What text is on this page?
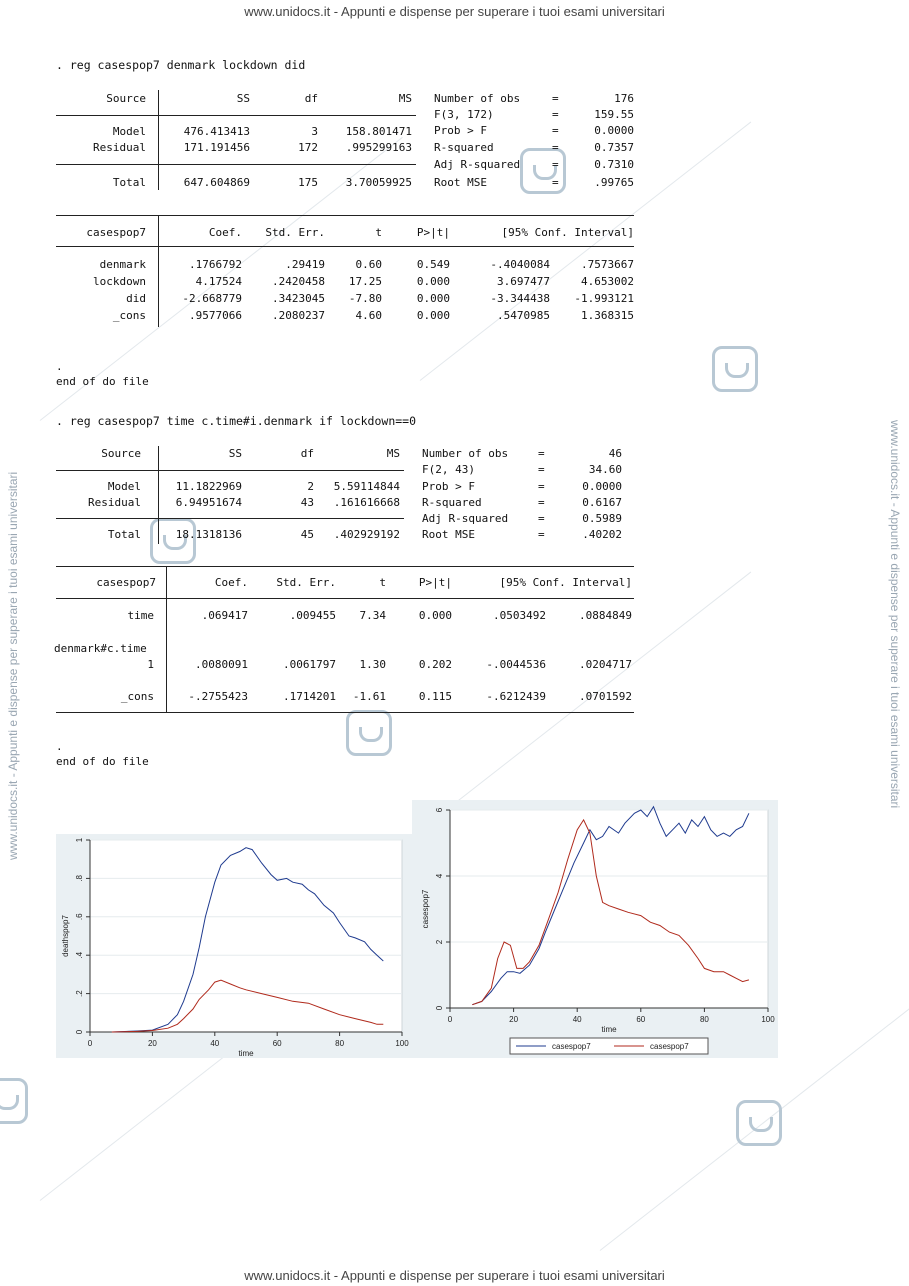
www.unidocs.it - Appunti e dispense per superare i tuoi esami universitari
www.unidocs.it - Appunti e dispense per superare i tuoi esami universitari
www.unidocs.it - Appunti e dispense per superare i tuoi esami universitari	www.unidocs.it - Appunti e dispense per superare i tuoi esami universitari
. reg casespop7 denmark lockdown did
Source	SS	df	MS
Model	476.413413	3	158.801471
Residual	171.191456	172	.995299163
Total	647.604869	175	3.70059925
Number of obs	=	176
F(3, 172)	=	159.55
Prob > F	=	0.0000
R-squared	=	0.7357
Adj R-squared	=	0.7310
Root MSE	=	.99765
casespop7	Coef.	Std. Err.	t	P>|t|	[95% Conf. Interval]
denmark	.1766792	.29419	0.60	0.549	-.4040084	.7573667
lockdown	4.17524	.2420458	17.25	0.000	3.697477	4.653002
did	-2.668779	.3423045	-7.80	0.000	-3.344438	-1.993121
_cons	.9577066	.2080237	4.60	0.000	.5470985	1.368315
.
end of do file
. reg casespop7 time c.time#i.denmark if lockdown==0
Source	SS	df	MS
Model	11.1822969	2	5.59114844
Residual	6.94951674	43	.161616668
Total	18.1318136	45	.402929192
Number of obs	=	46
F(2, 43)	=	34.60
Prob > F	=	0.0000
R-squared	=	0.6167
Adj R-squared	=	0.5989
Root MSE	=	.40202
casespop7	Coef.	Std. Err.	t	P>|t|	[95% Conf. Interval]
time	.069417	.009455	7.34	0.000	.0503492	.0884849
denmark#c.time
1	.0080091	.0061797	1.30	0.202	-.0044536	.0204717
_cons	-.2755423	.1714201	-1.61	0.115	-.6212439	.0701592
.
end of do file
0
.2
.4
.6
.8
1
0	20	40	60	80	100
time
deathspop7
0
2
4
6
0	20	40	60	80	100
time
casespop7
casespop7	casespop7
